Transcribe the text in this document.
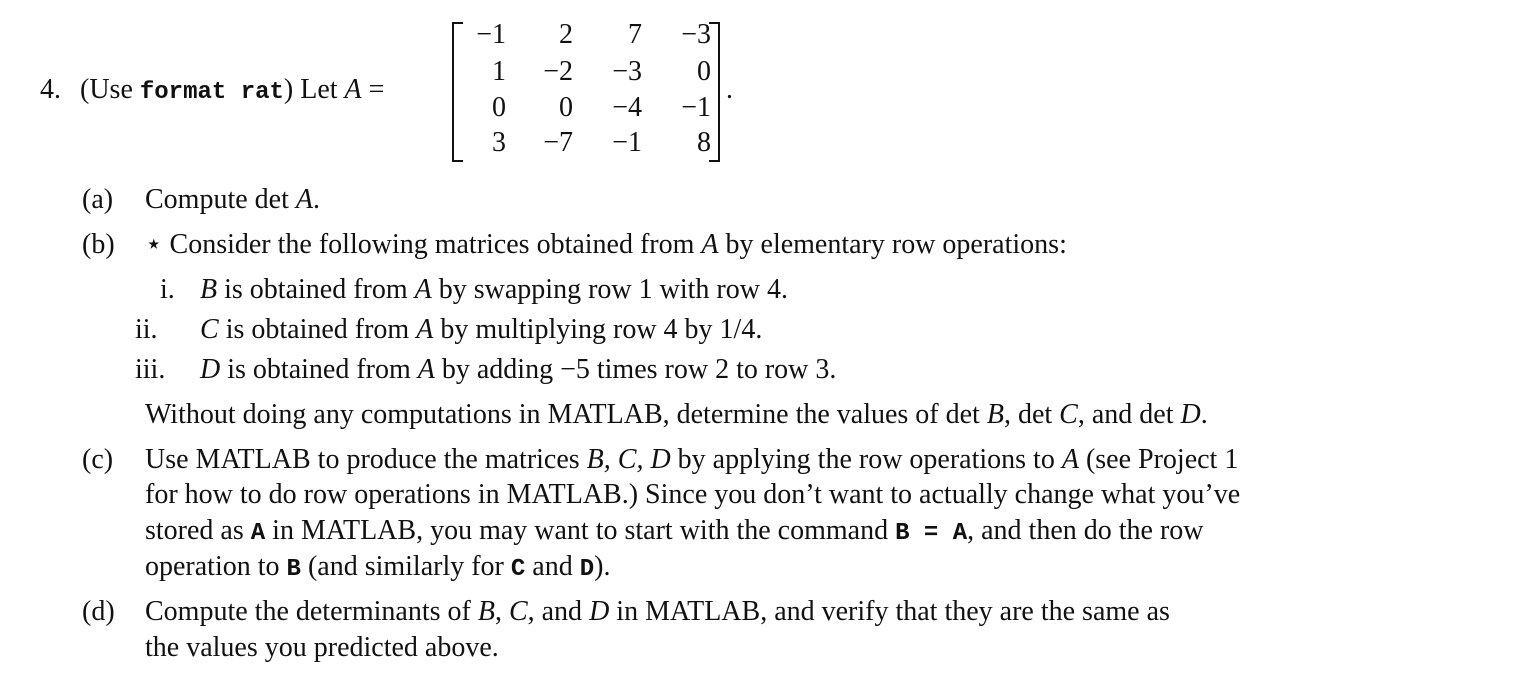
4. (Use format rat) Let A =
−1	2	7	−3
1	−2	−3	0
0	0	−4	−1
3	−7	−1	8
.
(a) Compute det A.
(b) ⋆ Consider the following matrices obtained from A by elementary row operations:
(c) Use MATLAB to produce the matrices B, C, D by applying the row operations to A (see Project 1
for how to do row operations in MATLAB.) Since you don’t want to actually change what you’ve
stored as A in MATLAB, you may want to start with the command B = A, and then do the row
operation to B (and similarly for C and D).
(d) Compute the determinants of B, C, and D in MATLAB, and verify that they are the same as
the values you predicted above.
i. B is obtained from A by swapping row 1 with row 4.
ii. C is obtained from A by multiplying row 4 by 1/4.
iii. D is obtained from A by adding −5 times row 2 to row 3.
Without doing any computations in MATLAB, determine the values of det B, det C, and det D.
